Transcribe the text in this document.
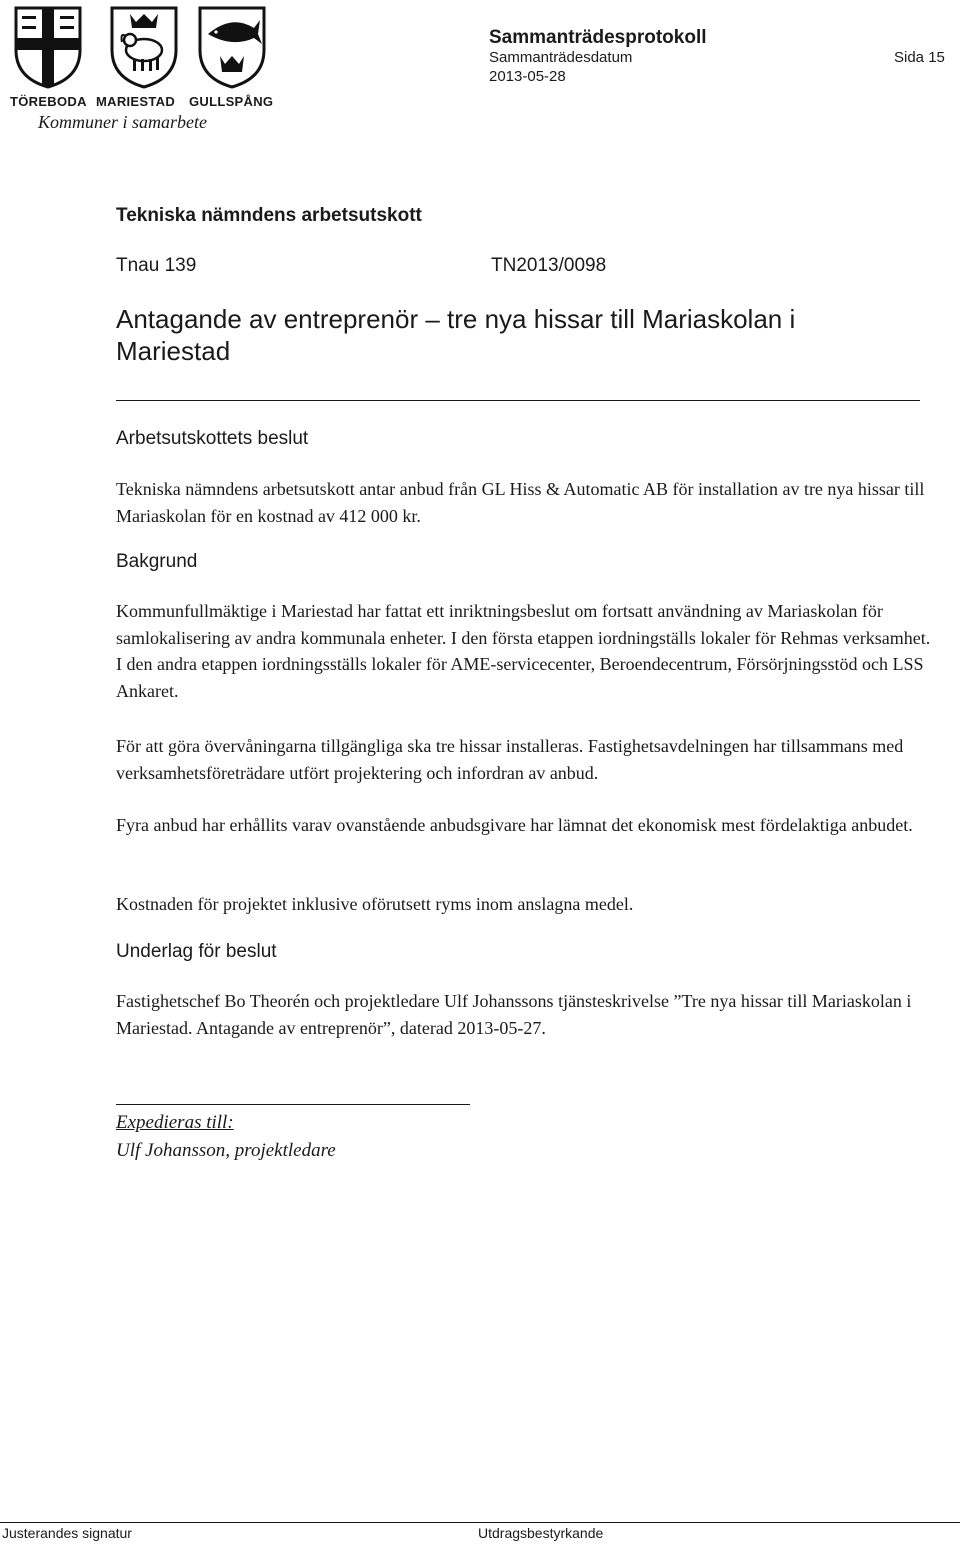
TÖREBODA MARIESTAD GULLSPÅNG
Kommuner i samarbete
Sammanträdesprotokoll
Sammanträdesdatum
2013-05-28
Sida 15
Tekniska nämndens arbetsutskott
Tnau 139	TN2013/0098
Antagande av entreprenör – tre nya hissar till Mariaskolan i Mariestad
Arbetsutskottets beslut
Tekniska nämndens arbetsutskott antar anbud från GL Hiss & Automatic AB för installation av tre nya hissar till Mariaskolan för en kostnad av 412 000 kr.
Bakgrund
Kommunfullmäktige i Mariestad har fattat ett inriktningsbeslut om fortsatt användning av Mariaskolan för samlokalisering av andra kommunala enheter. I den första etappen iordningställs lokaler för Rehmas verksamhet. I den andra etappen iordningsställs lokaler för AME-servicecenter, Beroendecentrum, Försörjningsstöd och LSS Ankaret.
För att göra övervåningarna tillgängliga ska tre hissar installeras. Fastighetsavdelningen har tillsammans med verksamhetsföreträdare utfört projektering och infordran av anbud.
Fyra anbud har erhållits varav ovanstående anbudsgivare har lämnat det ekonomisk mest fördelaktiga anbudet.
Kostnaden för projektet inklusive oförutsett ryms inom anslagna medel.
Underlag för beslut
Fastighetschef Bo Theorén och projektledare Ulf Johanssons tjänsteskrivelse ”Tre nya hissar till Mariaskolan i Mariestad. Antagande av entreprenör”, daterad 2013-05-27.
Expedieras till:
Ulf Johansson, projektledare
Justerandes signatur	Utdragsbestyrkande
